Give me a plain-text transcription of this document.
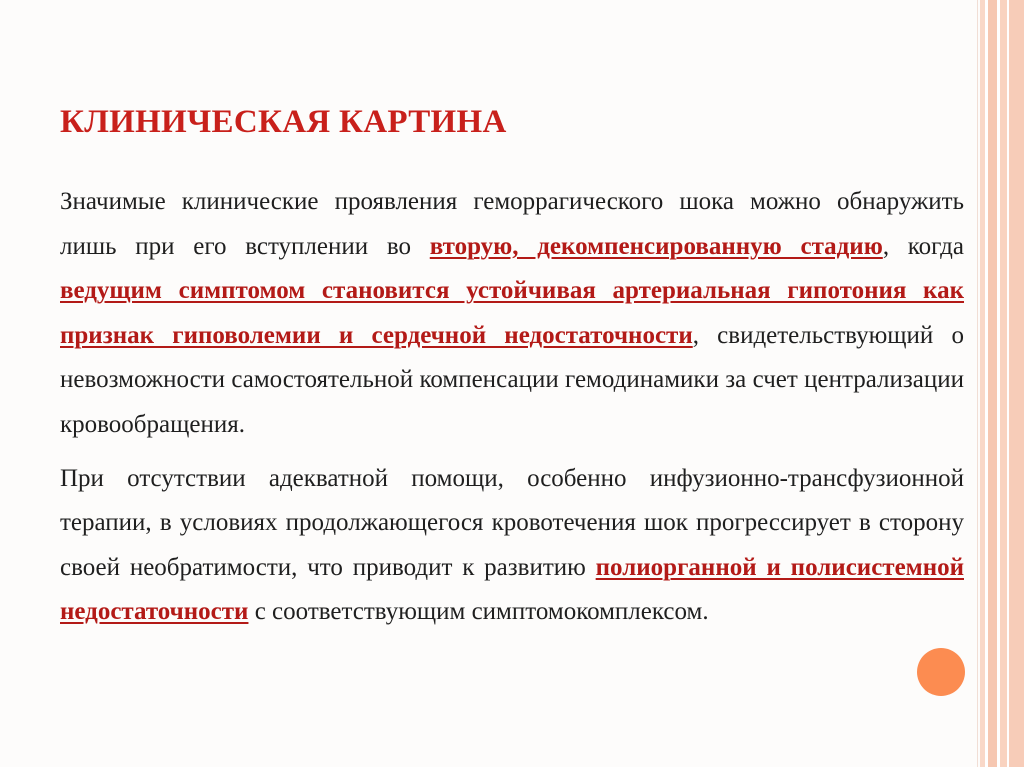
КЛИНИЧЕСКАЯ КАРТИНА

Значимые клинические проявления геморрагического шока можно обнаружить лишь при его вступлении во вторую, декомпенсированную стадию, когда ведущим симптомом становится устойчивая артериальная гипотония как признак гиповолемии и сердечной недостаточности, свидетельствующий о невозможности самостоятельной компенсации гемодинамики за счет централизации кровообращения.

При отсутствии адекватной помощи, особенно инфузионно-трансфузионной терапии, в условиях продолжающегося кровотечения шок прогрессирует в сторону своей необратимости, что приводит к развитию полиорганной и полисистемной недостаточности с соответствующим симптомокомплексом.
